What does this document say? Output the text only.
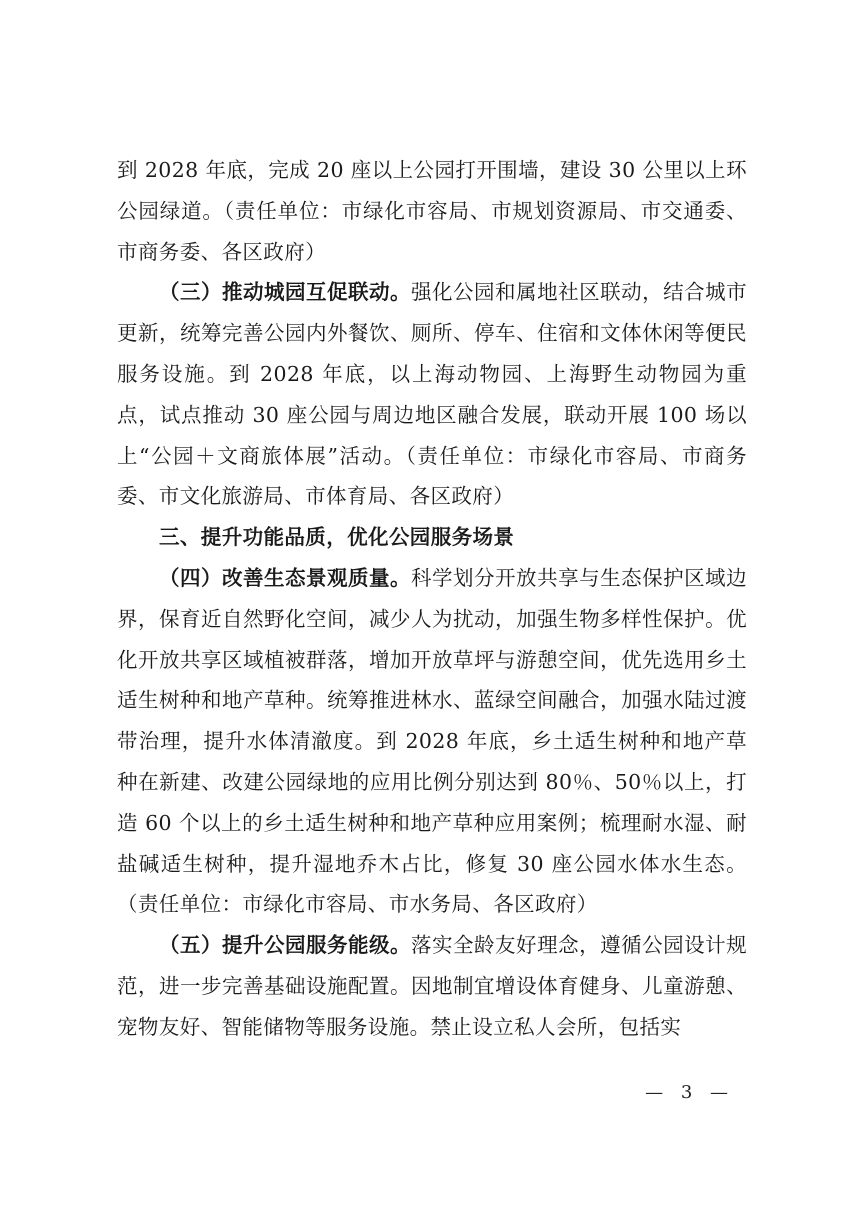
到 2028 年底，完成 20 座以上公园打开围墙，建设 30 公里以上环公园绿道。（责任单位：市绿化市容局、市规划资源局、市交通委、市商务委、各区政府）

（三）推动城园互促联动。强化公园和属地社区联动，结合城市更新，统筹完善公园内外餐饮、厕所、停车、住宿和文体休闲等便民服务设施。到 2028 年底，以上海动物园、上海野生动物园为重点，试点推动 30 座公园与周边地区融合发展，联动开展 100 场以上“公园＋文商旅体展”活动。（责任单位：市绿化市容局、市商务委、市文化旅游局、市体育局、各区政府）

三、提升功能品质，优化公园服务场景

（四）改善生态景观质量。科学划分开放共享与生态保护区域边界，保育近自然野化空间，减少人为扰动，加强生物多样性保护。优化开放共享区域植被群落，增加开放草坪与游憩空间，优先选用乡土适生树种和地产草种。统筹推进林水、蓝绿空间融合，加强水陆过渡带治理，提升水体清澈度。到 2028 年底，乡土适生树种和地产草种在新建、改建公园绿地的应用比例分别达到 80％、50％以上，打造 60 个以上的乡土适生树种和地产草种应用案例；梳理耐水湿、耐盐碱适生树种，提升湿地乔木占比，修复 30 座公园水体水生态。（责任单位：市绿化市容局、市水务局、各区政府）

（五）提升公园服务能级。落实全龄友好理念，遵循公园设计规范，进一步完善基础设施配置。因地制宜增设体育健身、儿童游憩、宠物友好、智能储物等服务设施。禁止设立私人会所，包括实

— 3 —
